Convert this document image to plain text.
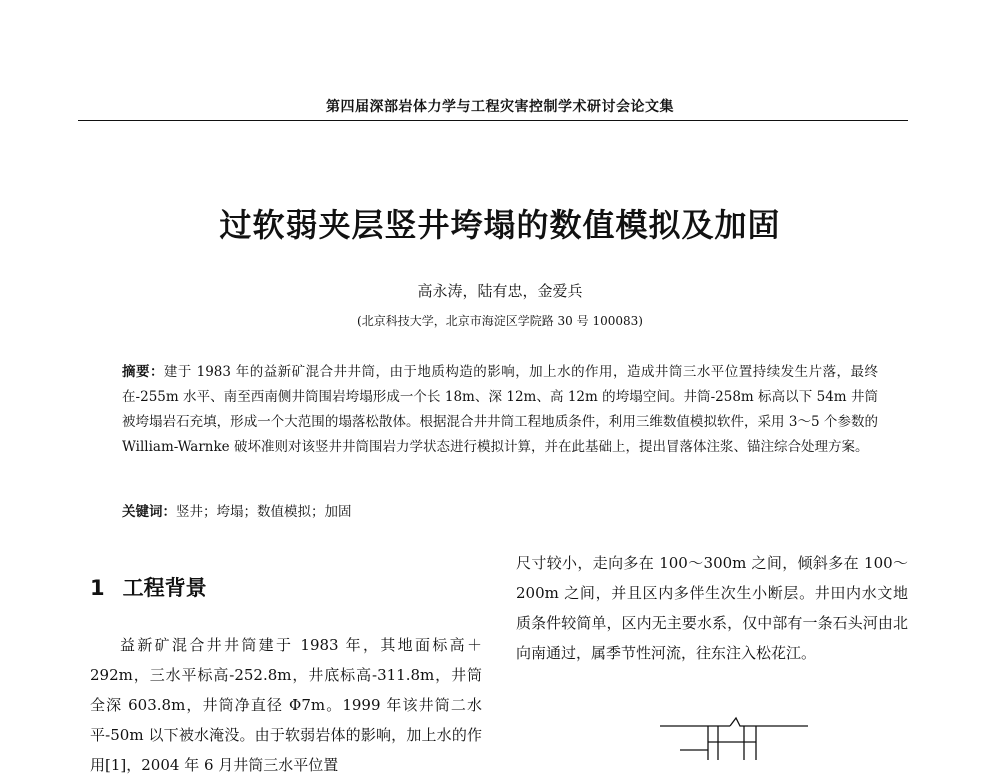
第四届深部岩体力学与工程灾害控制学术研讨会论文集
过软弱夹层竖井垮塌的数值模拟及加固
高永涛，陆有忠，金爱兵
(北京科技大学，北京市海淀区学院路 30 号 100083)
摘要：建于 1983 年的益新矿混合井井筒，由于地质构造的影响，加上水的作用，造成井筒三水平位置持续发生片落，最终在-255m 水平、南至西南侧井筒围岩垮塌形成一个长 18m、深 12m、高 12m 的垮塌空间。井筒-258m 标高以下 54m 井筒被垮塌岩石充填，形成一个大范围的塌落松散体。根据混合井井筒工程地质条件，利用三维数值模拟软件，采用 3～5 个参数的 William-Warnke 破坏准则对该竖井井筒围岩力学状态进行模拟计算，并在此基础上，提出冒落体注浆、锚注综合处理方案。
关键词：竖井；垮塌；数值模拟；加固
1 工程背景
益新矿混合井井筒建于 1983 年，其地面标高＋292m，三水平标高-252.8m，井底标高-311.8m，井筒全深 603.8m，井筒净直径 Φ7m。1999 年该井筒二水平-50m 以下被水淹没。由于软弱岩体的影响，加上水的作用[1]，2004 年 6 月井筒三水平位置
尺寸较小，走向多在 100～300m 之间，倾斜多在 100～200m 之间，并且区内多伴生次生小断层。井田内水文地质条件较简单，区内无主要水系，仅中部有一条石头河由北向南通过，属季节性河流，往东注入松花江。
